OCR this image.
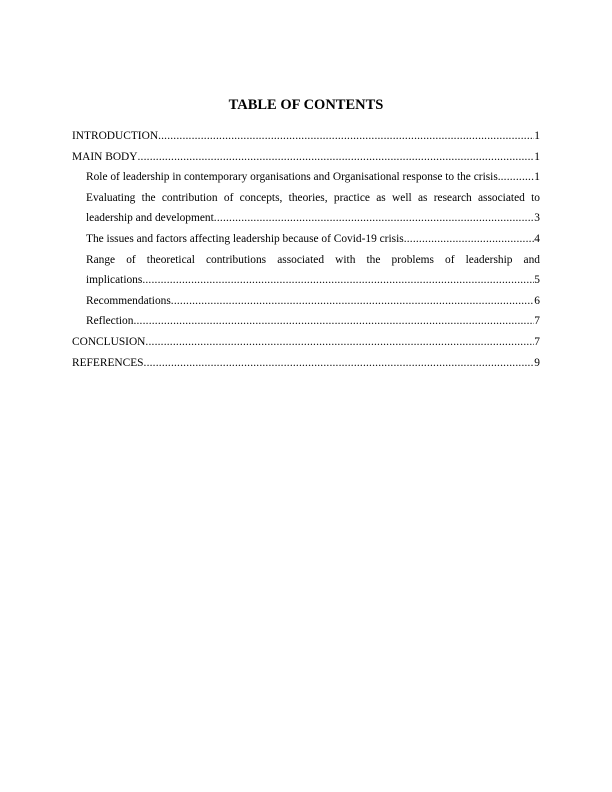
TABLE OF CONTENTS
INTRODUCTION .....	1
MAIN BODY .....	1
Role of leadership in contemporary organisations and Organisational response to the crisis. .....	1
Evaluating the contribution of concepts, theories, practice as well as research associated to
leadership and development .....	3
The issues and factors affecting leadership because of Covid-19 crisis .....	4
Range of theoretical contributions associated with the problems of leadership and
implications .....	5
Recommendations .....	6
Reflection .....	7
CONCLUSION .....	7
REFERENCES .....	9
